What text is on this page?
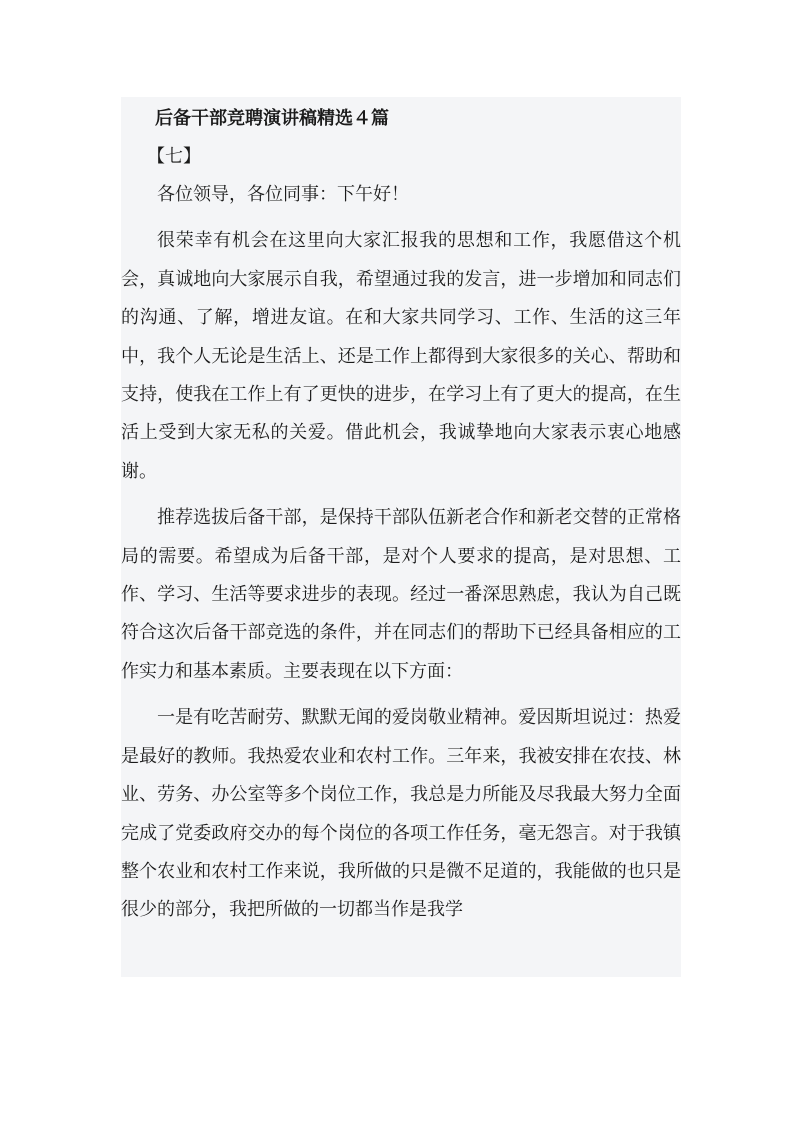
后备干部竞聘演讲稿精选４篇

【七】

各位领导，各位同事：下午好！

很荣幸有机会在这里向大家汇报我的思想和工作，我愿借这个机会，真诚地向大家展示自我，希望通过我的发言，进一步增加和同志们的沟通、了解，增进友谊。在和大家共同学习、工作、生活的这三年中，我个人无论是生活上、还是工作上都得到大家很多的关心、帮助和支持，使我在工作上有了更快的进步，在学习上有了更大的提高，在生活上受到大家无私的关爱。借此机会，我诚挚地向大家表示衷心地感谢。

推荐选拔后备干部，是保持干部队伍新老合作和新老交替的正常格局的需要。希望成为后备干部，是对个人要求的提高，是对思想、工作、学习、生活等要求进步的表现。经过一番深思熟虑，我认为自己既符合这次后备干部竞选的条件，并在同志们的帮助下已经具备相应的工作实力和基本素质。主要表现在以下方面：

一是有吃苦耐劳、默默无闻的爱岗敬业精神。爱因斯坦说过：热爱是最好的教师。我热爱农业和农村工作。三年来，我被安排在农技、林业、劳务、办公室等多个岗位工作，我总是力所能及尽我最大努力全面完成了党委政府交办的每个岗位的各项工作任务，毫无怨言。对于我镇整个农业和农村工作来说，我所做的只是微不足道的，我能做的也只是很少的部分，我把所做的一切都当作是我学
